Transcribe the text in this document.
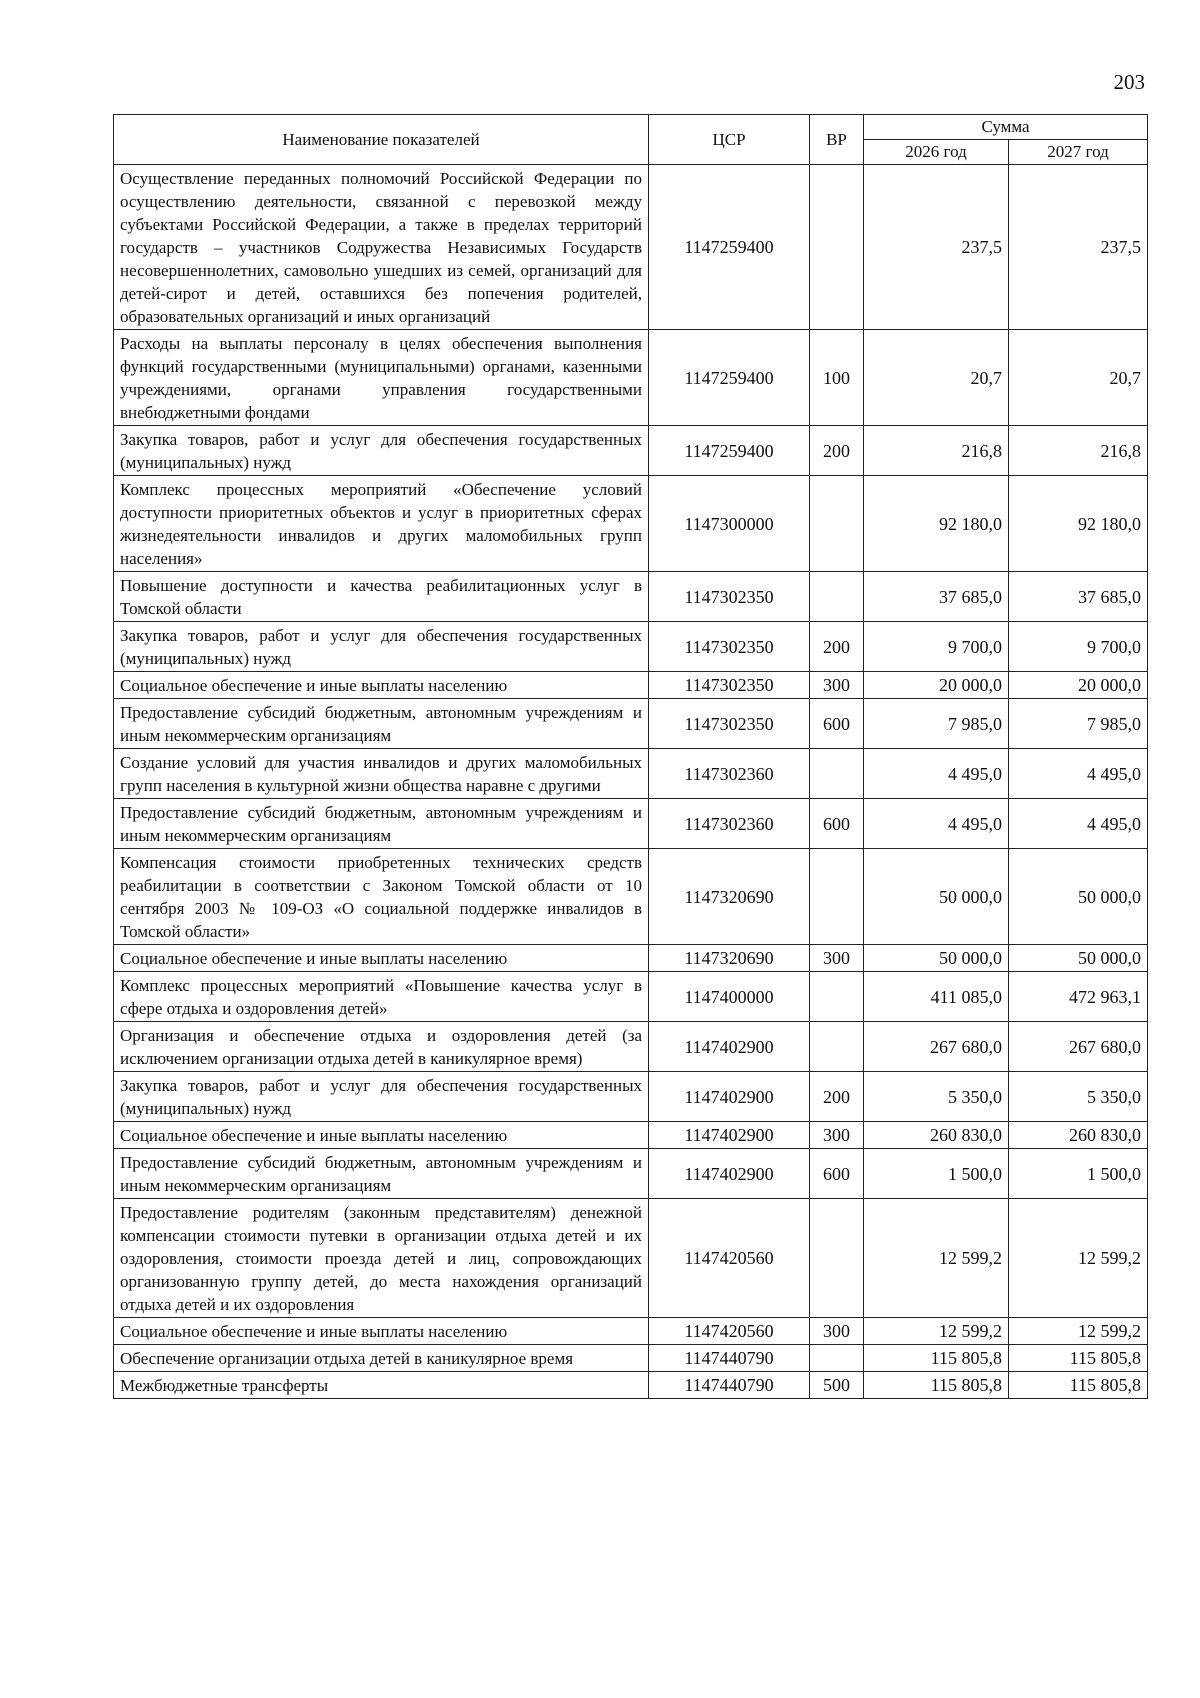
203
Наименование показателей	ЦСР	ВР	Сумма	
			2026 год	2027 год
Осуществление переданных полномочий Российской Федерации по осуществлению деятельности, связанной с перевозкой между субъектами Российской Федерации, а также в пределах территорий государств – участников Содружества Независимых Государств несовершеннолетних, самовольно ушедших из семей, организаций для детей-сирот и детей, оставшихся без попечения родителей, образовательных организаций и иных организаций	1147259400		237,5	237,5
Расходы на выплаты персоналу в целях обеспечения выполнения функций государственными (муниципальными) органами, казенными учреждениями, органами управления государственными внебюджетными фондами	1147259400	100	20,7	20,7
Закупка товаров, работ и услуг для обеспечения государственных (муниципальных) нужд	1147259400	200	216,8	216,8
Комплекс процессных мероприятий «Обеспечение условий доступности приоритетных объектов и услуг в приоритетных сферах жизнедеятельности инвалидов и других маломобильных групп населения»	1147300000		92 180,0	92 180,0
Повышение доступности и качества реабилитационных услуг в Томской области	1147302350		37 685,0	37 685,0
Закупка товаров, работ и услуг для обеспечения государственных (муниципальных) нужд	1147302350	200	9 700,0	9 700,0
Социальное обеспечение и иные выплаты населению	1147302350	300	20 000,0	20 000,0
Предоставление субсидий бюджетным, автономным учреждениям и иным некоммерческим организациям	1147302350	600	7 985,0	7 985,0
Создание условий для участия инвалидов и других маломобильных групп населения в культурной жизни общества наравне с другими	1147302360		4 495,0	4 495,0
Предоставление субсидий бюджетным, автономным учреждениям и иным некоммерческим организациям	1147302360	600	4 495,0	4 495,0
Компенсация стоимости приобретенных технических средств реабилитации в соответствии с Законом Томской области от 10 сентября 2003 № 109-ОЗ «О социальной поддержке инвалидов в Томской области»	1147320690		50 000,0	50 000,0
Социальное обеспечение и иные выплаты населению	1147320690	300	50 000,0	50 000,0
Комплекс процессных мероприятий «Повышение качества услуг в сфере отдыха и оздоровления детей»	1147400000		411 085,0	472 963,1
Организация и обеспечение отдыха и оздоровления детей (за исключением организации отдыха детей в каникулярное время)	1147402900		267 680,0	267 680,0
Закупка товаров, работ и услуг для обеспечения государственных (муниципальных) нужд	1147402900	200	5 350,0	5 350,0
Социальное обеспечение и иные выплаты населению	1147402900	300	260 830,0	260 830,0
Предоставление субсидий бюджетным, автономным учреждениям и иным некоммерческим организациям	1147402900	600	1 500,0	1 500,0
Предоставление родителям (законным представителям) денежной компенсации стоимости путевки в организации отдыха детей и их оздоровления, стоимости проезда детей и лиц, сопровождающих организованную группу детей, до места нахождения организаций отдыха детей и их оздоровления	1147420560		12 599,2	12 599,2
Социальное обеспечение и иные выплаты населению	1147420560	300	12 599,2	12 599,2
Обеспечение организации отдыха детей в каникулярное время	1147440790		115 805,8	115 805,8
Межбюджетные трансферты	1147440790	500	115 805,8	115 805,8
